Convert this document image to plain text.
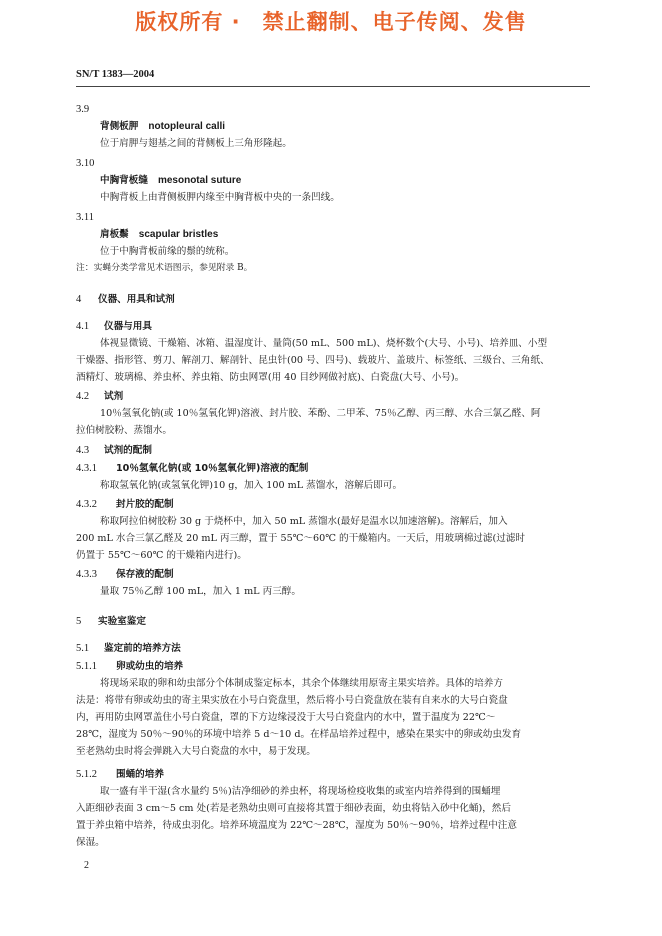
版权所有 ·　禁止翻制、电子传阅、发售
SN/T 1383—2004
3.9
背侧板胛 notopleural calli
位于肩胛与翅基之间的背侧板上三角形隆起。
3.10
中胸背板缝 mesonotal suture
中胸背板上由背侧板胛内缘至中胸背板中央的一条凹线。
3.11
肩板鬃 scapular bristles
位于中胸背板前缘的鬃的统称。
注：实蝇分类学常见术语图示，参见附录 B。
4 仪器、用具和试剂
4.1 仪器与用具
体视显微镜、干燥箱、冰箱、温湿度计、量筒(50 mL、500 mL)、烧杯数个(大号、小号)、培养皿、小型
干燥器、指形管、剪刀、解剖刀、解剖针、昆虫针(00 号、四号)、载玻片、盖玻片、标签纸、三级台、三角纸、
酒精灯、玻璃棉、养虫杯、养虫箱、防虫网罩(用 40 目纱网做衬底)、白瓷盘(大号、小号)。
4.2 试剂
10％氢氧化钠(或 10％氢氧化钾)溶液、封片胶、苯酚、二甲苯、75％乙醇、丙三醇、水合三氯乙醛、阿
拉伯树胶粉、蒸馏水。
4.3 试剂的配制
4.3.1 10％氢氧化钠(或 10％氢氧化钾)溶液的配制
称取氢氧化钠(或氢氧化钾)10 g，加入 100 mL 蒸馏水，溶解后即可。
4.3.2 封片胶的配制
称取阿拉伯树胶粉 30 g 于烧杯中，加入 50 mL 蒸馏水(最好是温水以加速溶解)。溶解后，加入
200 mL 水合三氯乙醛及 20 mL 丙三醇，置于 55℃～60℃ 的干燥箱内。一天后，用玻璃棉过滤(过滤时
仍置于 55℃～60℃ 的干燥箱内进行)。
4.3.3 保存液的配制
量取 75％乙醇 100 mL，加入 1 mL 丙三醇。
5 实验室鉴定
5.1 鉴定前的培养方法
5.1.1 卵或幼虫的培养
将现场采取的卵和幼虫部分个体制成鉴定标本，其余个体继续用原寄主果实培养。具体的培养方
法是：将带有卵或幼虫的寄主果实放在小号白瓷盘里，然后将小号白瓷盘放在装有自来水的大号白瓷盘
内，再用防虫网罩盖住小号白瓷盘，罩的下方边缘浸没于大号白瓷盘内的水中，置于温度为 22℃～
28℃，湿度为 50％～90％的环境中培养 5 d～10 d。在样品培养过程中，感染在果实中的卵或幼虫发育
至老熟幼虫时将会弹跳入大号白瓷盘的水中，易于发现。
5.1.2 围蛹的培养
取一盛有半干湿(含水量约 5％)洁净细砂的养虫杯，将现场检疫收集的或室内培养得到的围蛹埋
入距细砂表面 3 cm～5 cm 处(若是老熟幼虫则可直接将其置于细砂表面，幼虫将钻入砂中化蛹)，然后
置于养虫箱中培养，待成虫羽化。培养环境温度为 22℃～28℃，湿度为 50％～90％，培养过程中注意
保湿。
2
